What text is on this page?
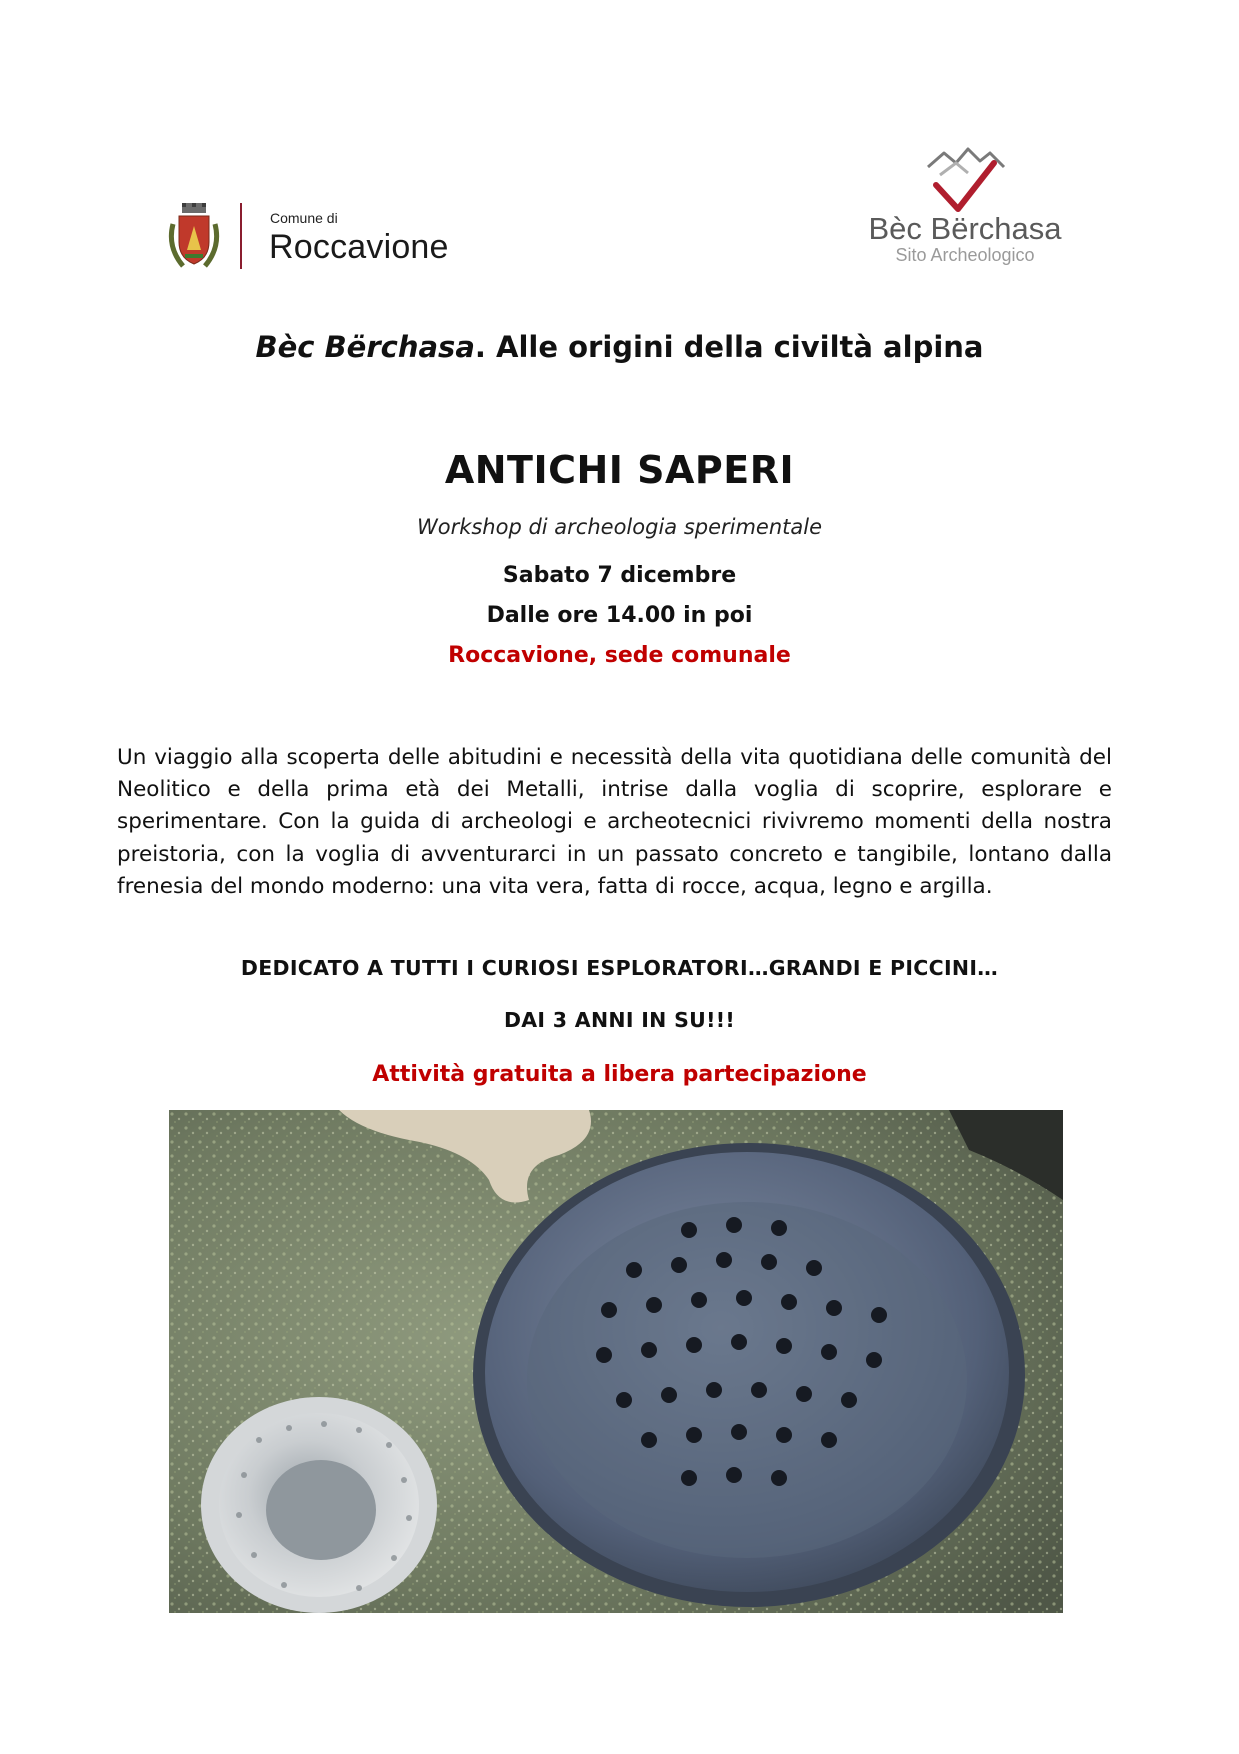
Comune di
Roccavione	Bèc Bërchasa
Sito Archeologico
Bèc Bërchasa. Alle origini della civiltà alpina
ANTICHI SAPERI
Workshop di archeologia sperimentale
Sabato 7 dicembre
Dalle ore 14.00 in poi
Roccavione, sede comunale
Un viaggio alla scoperta delle abitudini e necessità della vita quotidiana delle comunità del Neolitico e della prima età dei Metalli, intrise dalla voglia di scoprire, esplorare e sperimentare. Con la guida di archeologi e archeotecnici rivivremo momenti della nostra preistoria, con la voglia di avventurarci in un passato concreto e tangibile, lontano dalla frenesia del mondo moderno: una vita vera, fatta di rocce, acqua, legno e argilla.
DEDICATO A TUTTI I CURIOSI ESPLORATORI…GRANDI E PICCINI…
DAI 3 ANNI IN SU!!!
Attività gratuita a libera partecipazione
